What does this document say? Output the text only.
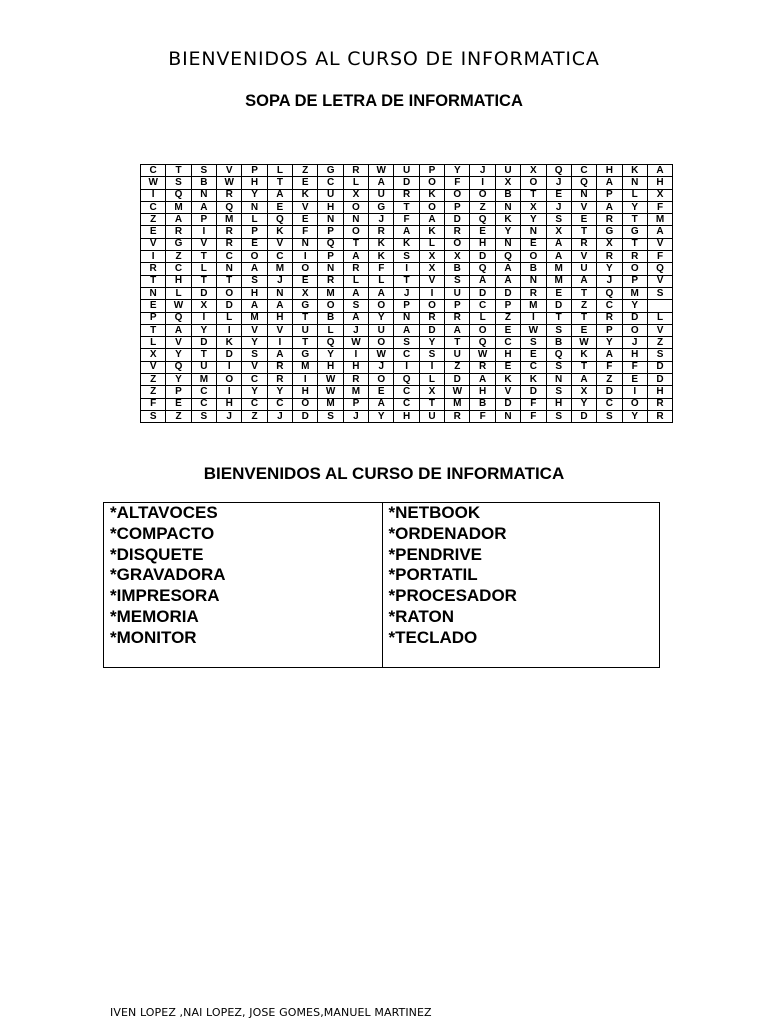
BIENVENIDOS AL CURSO DE INFORMATICA
SOPA DE LETRA DE INFORMATICA
C	T	S	V	P	L	Z	G	R	W	U	P	Y	J	U	X	Q	C	H	K	A
W	S	B	W	H	T	E	C	L	A	D	O	F	I	X	O	J	Q	A	N	H
I	Q	N	R	Y	A	K	U	X	U	R	K	O	O	B	T	E	N	P	L	X
C	M	A	Q	N	E	V	H	O	G	T	O	P	Z	N	X	J	V	A	Y	F
Z	A	P	M	L	Q	E	N	N	J	F	A	D	Q	K	Y	S	E	R	T	M
E	R	I	R	P	K	F	P	O	R	A	K	R	E	Y	N	X	T	G	G	A
V	G	V	R	E	V	N	Q	T	K	K	L	O	H	N	E	A	R	X	T	V
I	Z	T	C	O	C	I	P	A	K	S	X	X	D	Q	O	A	V	R	R	F
R	C	L	N	A	M	O	N	R	F	I	X	B	Q	A	B	M	U	Y	O	Q
T	H	T	T	S	J	E	R	L	L	T	V	S	A	A	N	M	A	J	P	V
N	L	D	O	H	N	X	M	A	A	J	I	U	D	D	R	E	T	Q	M	S
E	W	X	D	A	A	G	O	S	O	P	O	P	C	P	M	D	Z	C	Y	
P	Q	I	L	M	H	T	B	A	Y	N	R	R	L	Z	I	T	T	R	D	L
T	A	Y	I	V	V	U	L	J	U	A	D	A	O	E	W	S	E	P	O	V
L	V	D	K	Y	I	T	Q	W	O	S	Y	T	Q	C	S	B	W	Y	J	Z
X	Y	T	D	S	A	G	Y	I	W	C	S	U	W	H	E	Q	K	A	H	S
V	Q	U	I	V	R	M	H	H	J	I	I	Z	R	E	C	S	T	F	F	D
Z	Y	M	O	C	R	I	W	R	O	Q	L	D	A	K	K	N	A	Z	E	D
Z	P	C	I	Y	Y	H	W	M	E	C	X	W	H	V	D	S	X	D	I	H
F	E	C	H	C	C	O	M	P	A	C	T	M	B	D	F	H	Y	C	O	R
S	Z	S	J	Z	J	D	S	J	Y	H	U	R	F	N	F	S	D	S	Y	R
BIENVENIDOS AL CURSO DE INFORMATICA
*ALTAVOCES
*COMPACTO
*DISQUETE
*GRAVADORA
*IMPRESORA
*MEMORIA
*MONITOR
*NETBOOK
*ORDENADOR
*PENDRIVE
*PORTATIL
*PROCESADOR
*RATON
*TECLADO
IVEN LOPEZ ,NAI LOPEZ, JOSE GOMES,MANUEL MARTINEZ
